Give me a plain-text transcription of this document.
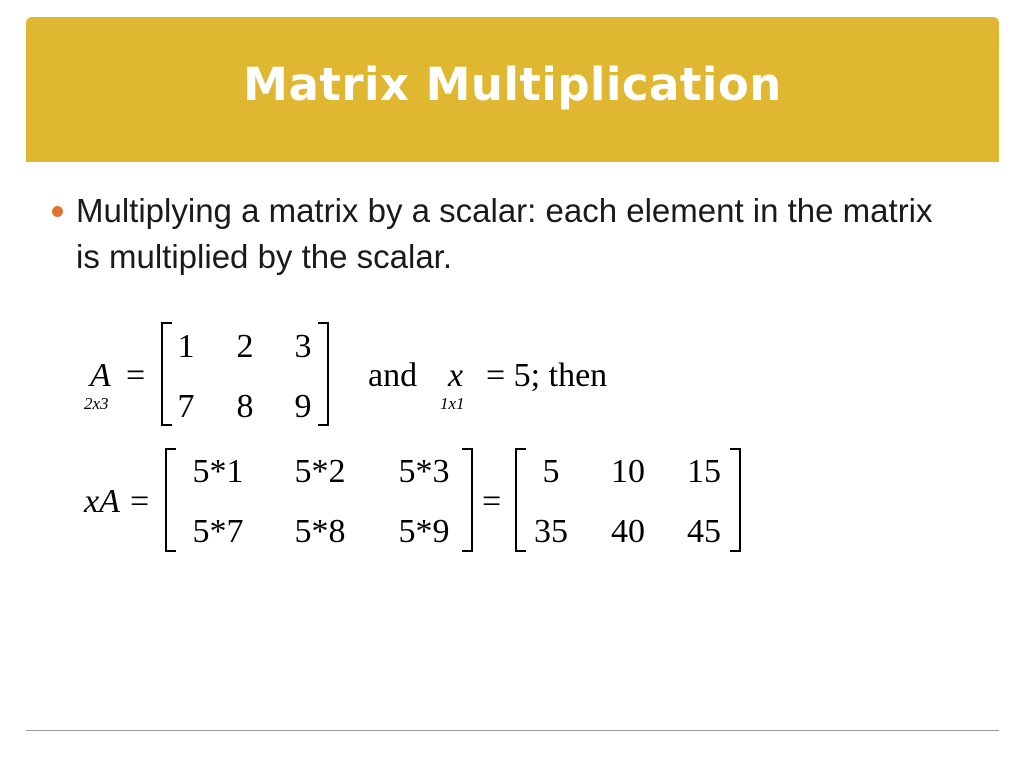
Matrix Multiplication
Multiplying a matrix by a scalar: each element in the matrix is multiplied by the scalar.
A
2x3
=
1 2 3
7 8 9
and x
1x1
= 5; then
xA =
5*1 5*2 5*3
5*7 5*8 5*9
=
5 10 15
35 40 45
